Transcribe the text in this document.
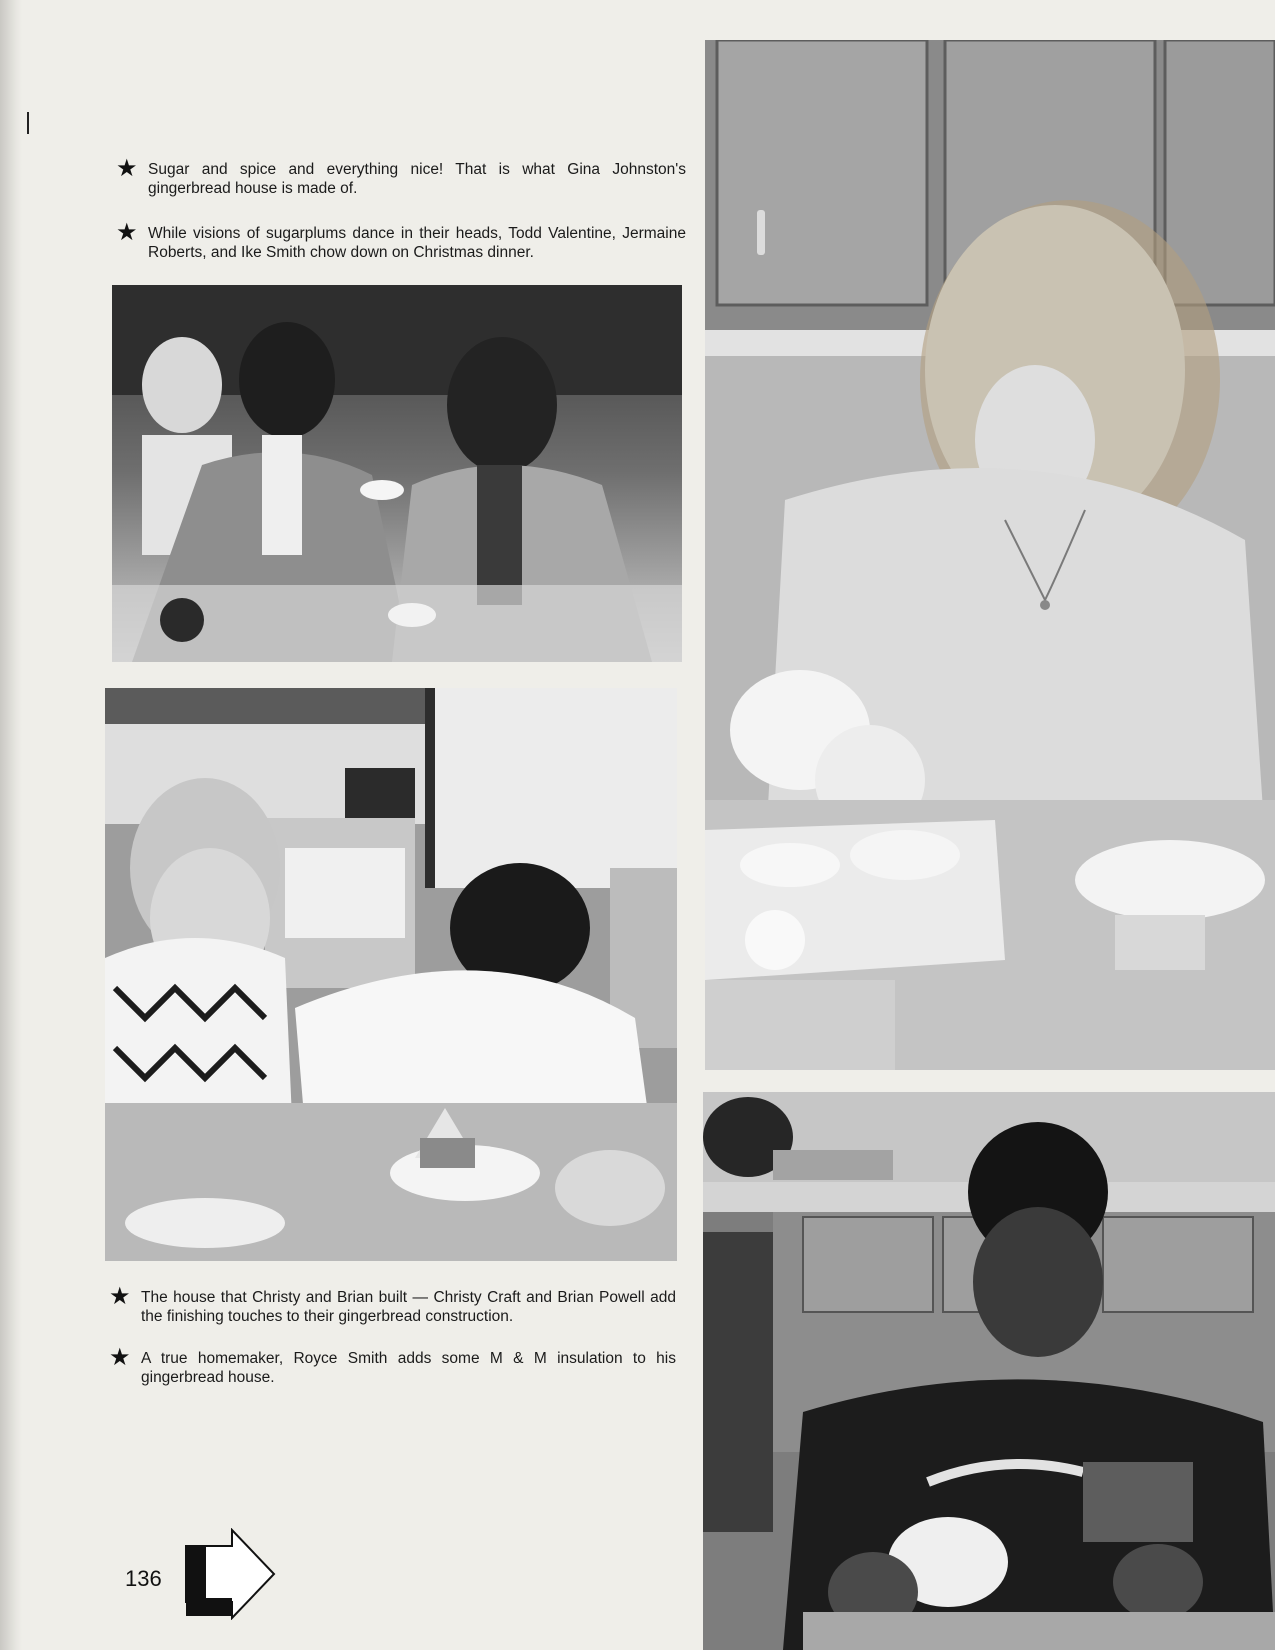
★ Sugar and spice and everything nice! That is what Gina Johnston's gingerbread house is made of.
★ While visions of sugarplums dance in their heads, Todd Valentine, Jermaine Roberts, and Ike Smith chow down on Christmas dinner.
★ The house that Christy and Brian built — Christy Craft and Brian Powell add the finishing touches to their gingerbread construction.
★ A true homemaker, Royce Smith adds some M & M insulation to his gingerbread house.
136
